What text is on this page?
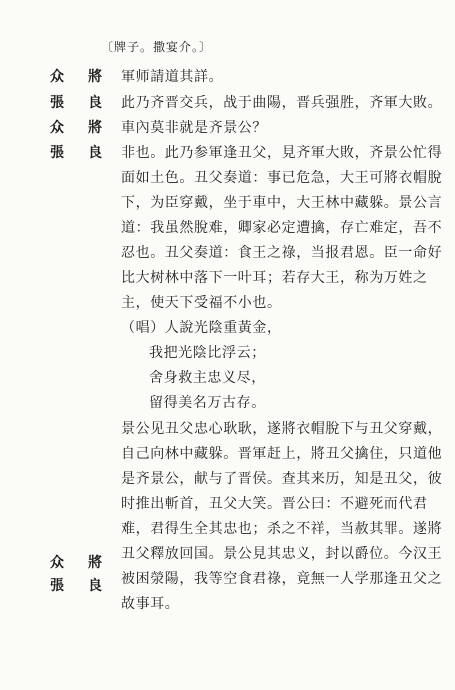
〔牌子。撒宴介。〕
众　將
張　良
众　將
張　良
众　將
張　良
軍师請道其詳。
此乃齐晋交兵，战于曲陽，晋兵强胜，齐軍大敗。
車內莫非就是齐景公？
非也。此乃参軍逢丑父，見齐軍大敗，齐景公忙得
面如土色。丑父奏道：事已危急，大王可將衣帽脫
下，为臣穿戴，坐于車中，大王林中藏躲。景公言
道：我虽然脫难，卿家必定遭擒，存亡难定，吾不
忍也。丑父奏道：食王之祿，当报君恩。臣一命好
比大树林中落下一叶耳；若存大王，称为万姓之
主，使天下受福不小也。
（唱）人說光陰重黃金，
我把光陰比浮云；
舍身救主忠义尽，
留得美名万古存。
景公见丑父忠心耿耿，遂將衣帽脫下与丑父穿戴，
自己向林中藏躲。晋軍赶上，將丑父擒住，只道他
是齐景公，献与了晋侯。查其来历，知是丑父，彼
时推出斬首，丑父大笑。晋公曰：不避死而代君
难，君得生全其忠也；杀之不祥，当赦其罪。遂將
丑父釋放回国。景公見其忠义，封以爵位。今汉王
被困滎陽，我等空食君祿，竟無一人学那逢丑父之
故事耳。
